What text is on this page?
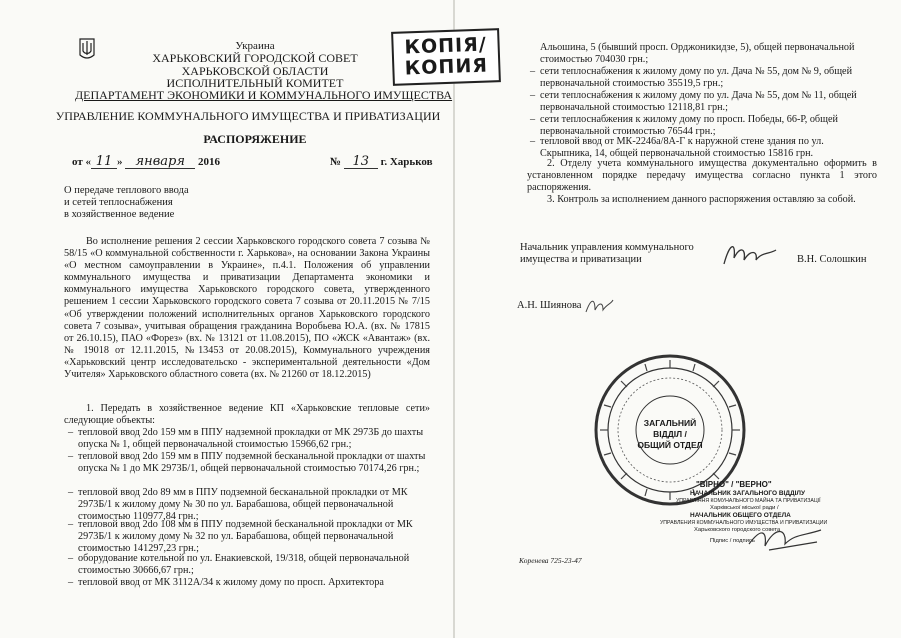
Украина
ХАРЬКОВСКИЙ ГОРОДСКОЙ СОВЕТ
ХАРЬКОВСКОЙ ОБЛАСТИ
ИСПОЛНИТЕЛЬНЫЙ КОМИТЕТ
ДЕПАРТАМЕНТ ЭКОНОМИКИ И КОММУНАЛЬНОГО ИМУЩЕСТВА
КОПІЯ/
КОПИЯ
УПРАВЛЕНИЕ КОММУНАЛЬНОГО ИМУЩЕСТВА И ПРИВАТИЗАЦИИ
РАСПОРЯЖЕНИЕ
от « 11 » января 2016	№ 13 г. Харьков
О передаче теплового ввода
и сетей теплоснабжения
в хозяйственное ведение
Во исполнение решения 2 сессии Харьковского городского совета 7 созыва № 58/15 «О коммунальной собственности г. Харькова», на основании Закона Украины «О местном самоуправлении в Украине», п.4.1. Положения об управлении коммунального имущества и приватизации Департамента экономики и коммунального имущества Харьковского городского совета, утвержденного решением 1 сессии Харьковского городского совета 7 созыва от 20.11.2015 № 7/15 «Об утверждении положений исполнительных органов Харьковского городского совета 7 созыва», учитывая обращения гражданина Воробьева Ю.А. (вх. № 17815 от 26.10.15), ПАО «Форез» (вх. № 13121 от 11.08.2015), ПО «ЖСК «Авантаж» (вх. № 19018 от 12.11.2015, №13453 от 20.08.2015), Коммунального учреждения «Харьковский центр исследовательско - экспериментальной деятельности «Дом Учителя» Харьковского областного совета (вх. № 21260 от 18.12.2015)
1. Передать в хозяйственное ведение КП «Харьковские тепловые сети» следующие объекты:
– тепловой ввод 2dо 159 мм в ППУ надземной прокладки от МК 2973Б до шахты опуска № 1, общей первоначальной стоимостью 15966,62 грн.;
– тепловой ввод 2dо 159 мм в ППУ подземной бесканальной прокладки от шахты опуска № 1 до МК 2973Б/1, общей первоначальной стоимостью 70174,26 грн.;
– тепловой ввод 2dо 89 мм в ППУ подземной бесканальной прокладки от МК 2973Б/1 к жилому дому № 30 по ул. Барабашова, общей первоначальной стоимостью 110977,84 грн.;
– тепловой ввод 2dо 108 мм в ППУ подземной бесканальной прокладки от МК 2973Б/1 к жилому дому № 32 по ул. Барабашова, общей первоначальной стоимостью 141297,23 грн.;
– оборудование котельной по ул. Енакиевской, 19/318, общей первоначальной стоимостью 30666,67 грн.;
– тепловой ввод от МК 3112А/34 к жилому дому по просп. Архитектора
Альошина, 5 (бывший просп. Орджоникидзе, 5), общей первоначальной стоимостью 704030 грн.;
– сети теплоснабжения к жилому дому по ул. Дача № 55, дом № 9, общей первоначальной стоимостью 35519,5 грн.;
– сети теплоснабжения к жилому дому по ул. Дача № 55, дом № 11, общей первоначальной стоимостью 12118,81 грн.;
– сети теплоснабжения к жилому дому по просп. Победы, 66-Р, общей первоначальной стоимостью 76544 грн.;
– тепловой ввод от МК-2246а/8А-Г к наружной стене здания по ул. Скрыпника, 14, общей первоначальной стоимостью 15816 грн.
2. Отделу учета коммунального имущества документально оформить в установленном порядке передачу имущества согласно пункта 1 этого распоряжения.
3. Контроль за исполнением данного распоряжения оставляю за собой.
Начальник управления коммунального
имущества и приватизации	В.Н. Солошкин
А.Н. Шиянова
ЗАГАЛЬНИЙ
ВІДДІЛ /
ОБЩИЙ ОТДЕЛ
"ВІРНО" / "ВЕРНО"
НАЧАЛЬНИК ЗАГАЛЬНОГО ВІДДІЛУ
УПРАВЛІННЯ КОМУНАЛЬНОГО МАЙНА ТА ПРИВАТИЗАЦІЇ
Харківської міської ради /
НАЧАЛЬНИК ОБЩЕГО ОТДЕЛА
УПРАВЛЕНИЯ КОММУНАЛЬНОГО ИМУЩЕСТВА И ПРИВАТИЗАЦИИ
Харьковского городского совета
Підпис / подпись
Коренева 725-23-47
